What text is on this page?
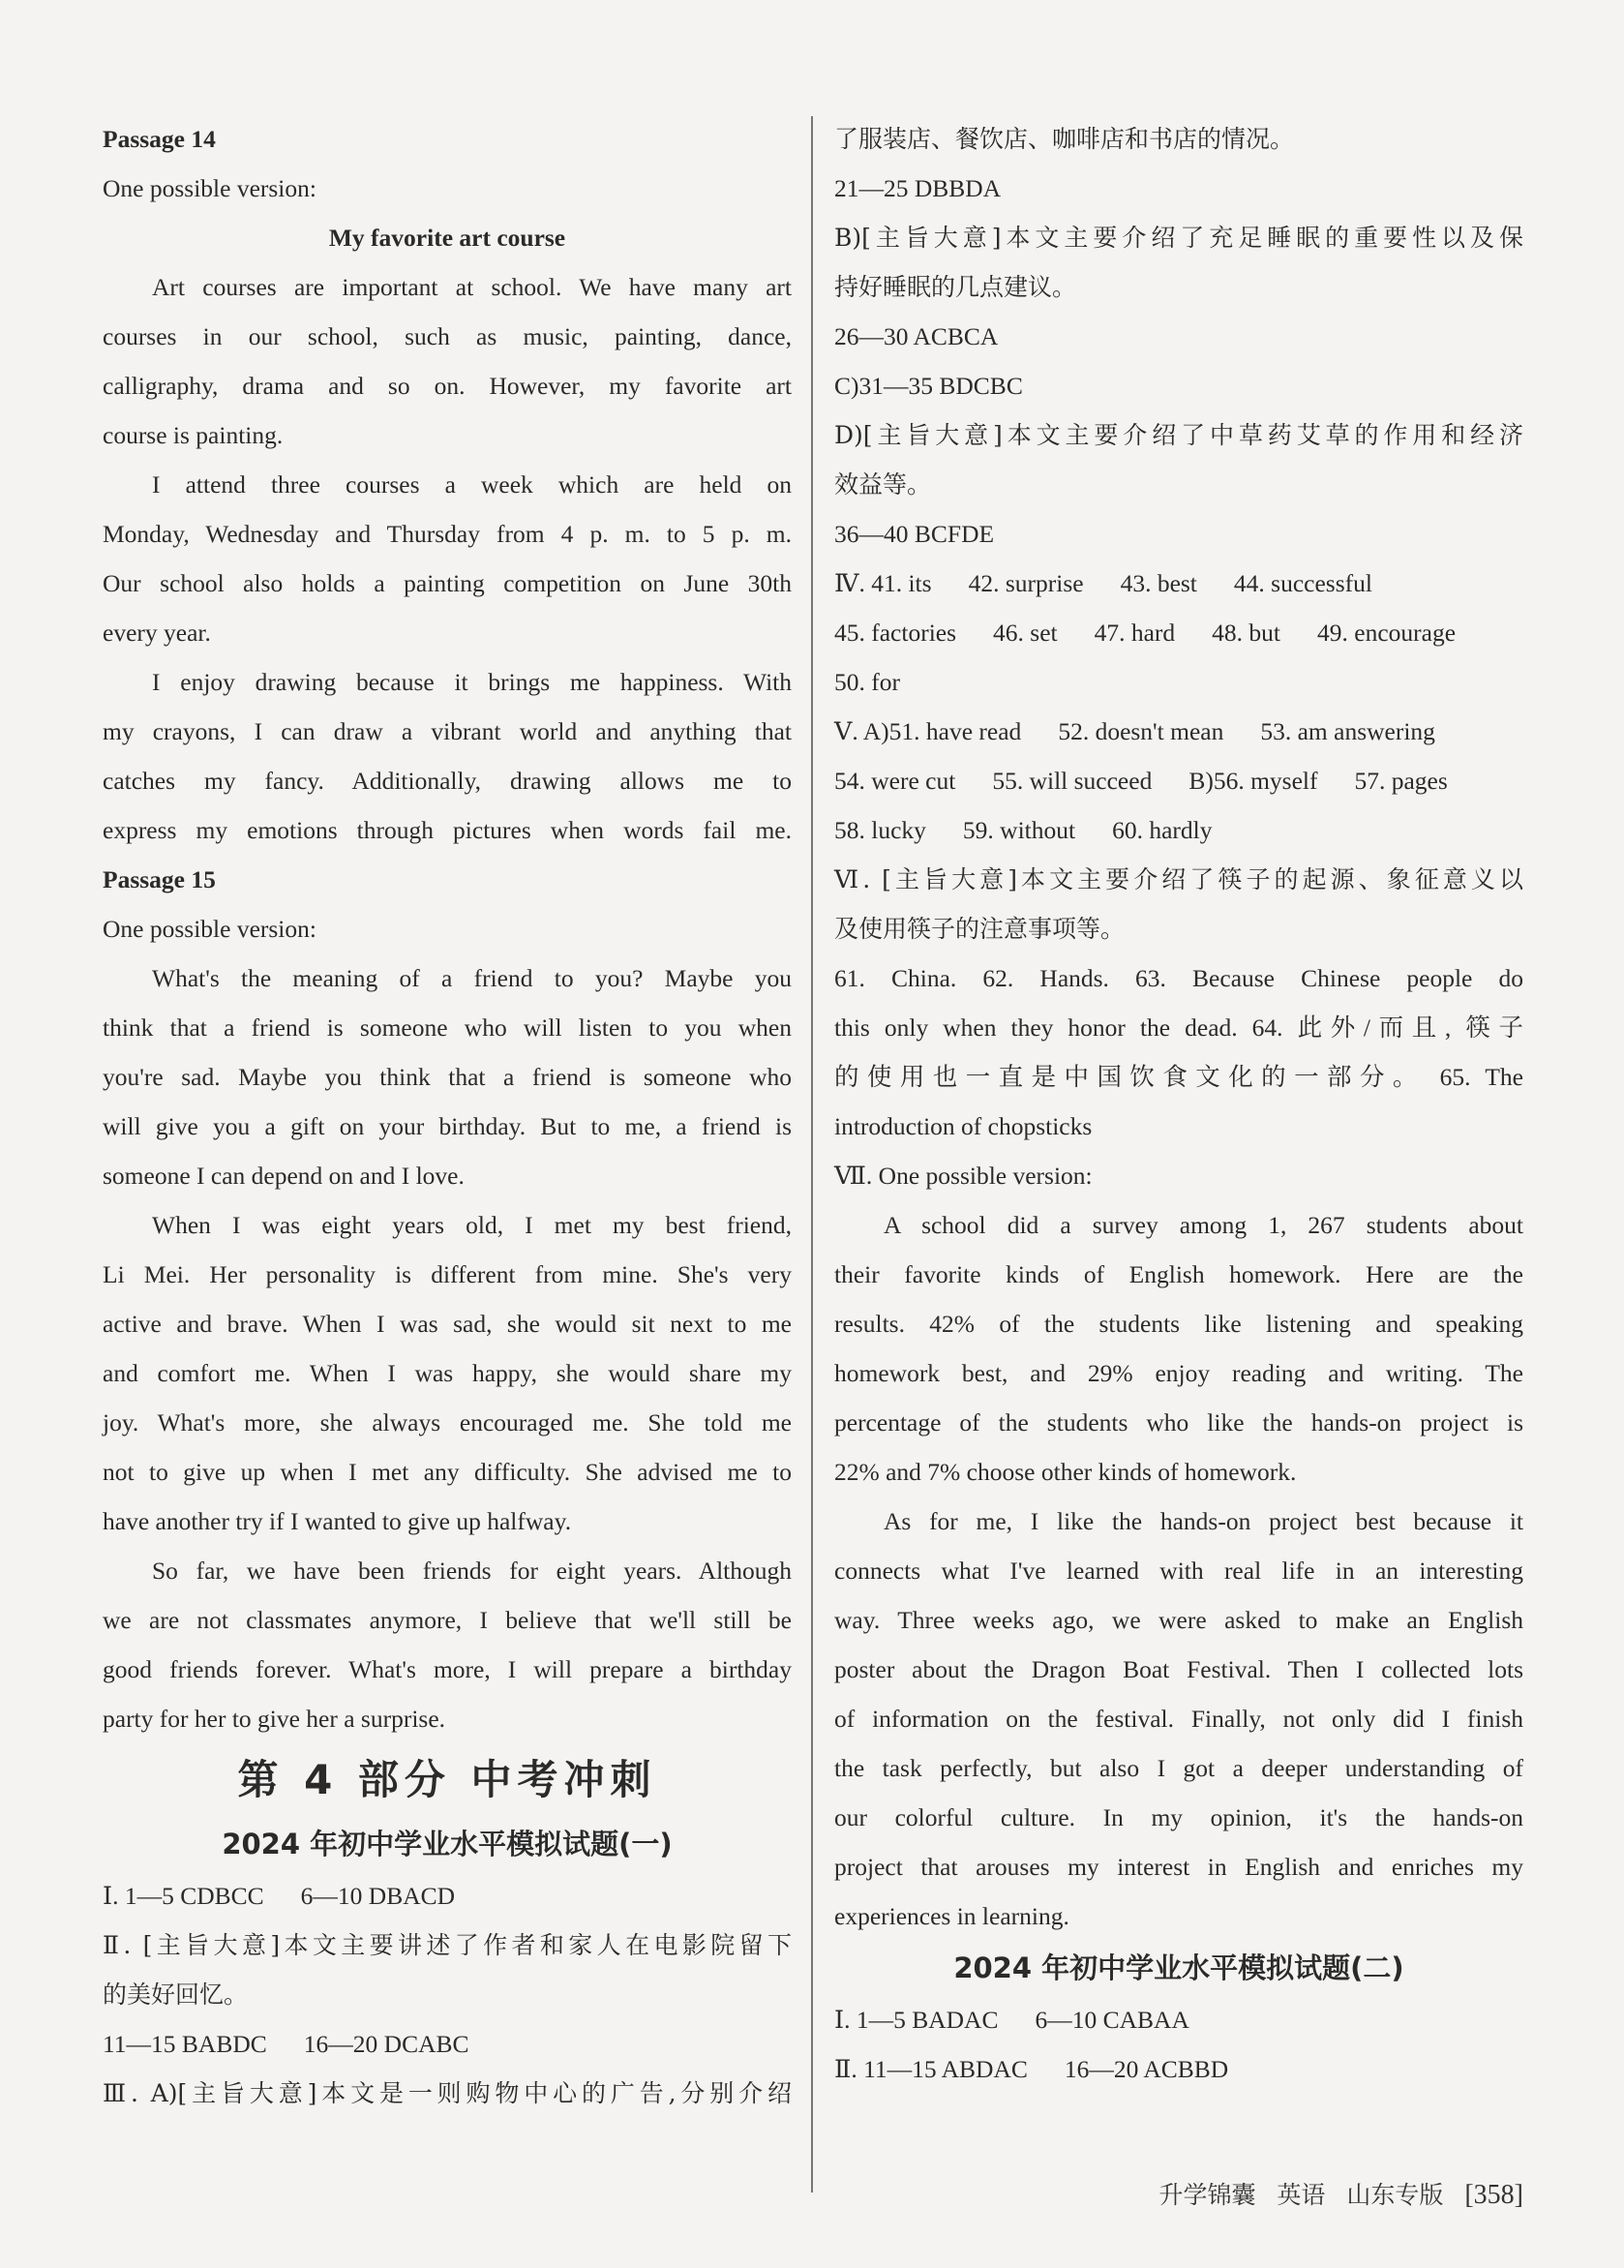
Passage 14

One possible version:

My favorite art course

Art courses are important at school. We have many art

courses in our school, such as music, painting, dance,

calligraphy, drama and so on. However, my favorite art

course is painting.

I attend three courses a week which are held on

Monday, Wednesday and Thursday from 4 p. m. to 5 p. m.

Our school also holds a painting competition on June 30th

every year.

I enjoy drawing because it brings me happiness. With

my crayons, I can draw a vibrant world and anything that

catches my fancy. Additionally, drawing allows me to

express my emotions through pictures when words fail me.

Passage 15

One possible version:

What's the meaning of a friend to you? Maybe you

think that a friend is someone who will listen to you when

you're sad. Maybe you think that a friend is someone who

will give you a gift on your birthday. But to me, a friend is

someone I can depend on and I love.

When I was eight years old, I met my best friend,

Li Mei. Her personality is different from mine. She's very

active and brave. When I was sad, she would sit next to me

and comfort me. When I was happy, she would share my

joy. What's more, she always encouraged me. She told me

not to give up when I met any difficulty. She advised me to

have another try if I wanted to give up halfway.

So far, we have been friends for eight years. Although

we are not classmates anymore, I believe that we'll still be

good friends forever. What's more, I will prepare a birthday

party for her to give her a surprise.

第 4 部分 中考冲刺

2024 年初中学业水平模拟试题(一)

Ⅰ. 1—5 CDBCC 6—10 DBACD

Ⅱ. [主旨大意]本文主要讲述了作者和家人在电影院留下

的美好回忆。

11—15 BABDC 16—20 DCABC

Ⅲ. A)[主旨大意]本文是一则购物中心的广告,分别介绍

了服装店、餐饮店、咖啡店和书店的情况。

21—25 DBBDA

B)[主旨大意]本文主要介绍了充足睡眠的重要性以及保

持好睡眠的几点建议。

26—30 ACBCA

C)31—35 BDCBC

D)[主旨大意]本文主要介绍了中草药艾草的作用和经济

效益等。

36—40 BCFDE

Ⅳ. 41. its 42. surprise 43. best 44. successful

45. factories 46. set 47. hard 48. but 49. encourage

50. for

Ⅴ. A)51. have read 52. doesn't mean 53. am answering

54. were cut 55. will succeed B)56. myself 57. pages

58. lucky 59. without 60. hardly

Ⅵ. [主旨大意]本文主要介绍了筷子的起源、象征意义以

及使用筷子的注意事项等。

61. China. 62. Hands. 63. Because Chinese people do

this only when they honor the dead. 64. 此外/而且, 筷子

的使用也一直是中国饮食文化的一部分。 65. The

introduction of chopsticks

Ⅶ. One possible version:

A school did a survey among 1, 267 students about

their favorite kinds of English homework. Here are the

results. 42% of the students like listening and speaking

homework best, and 29% enjoy reading and writing. The

percentage of the students who like the hands-on project is

22% and 7% choose other kinds of homework.

As for me, I like the hands-on project best because it

connects what I've learned with real life in an interesting

way. Three weeks ago, we were asked to make an English

poster about the Dragon Boat Festival. Then I collected lots

of information on the festival. Finally, not only did I finish

the task perfectly, but also I got a deeper understanding of

our colorful culture. In my opinion, it's the hands-on

project that arouses my interest in English and enriches my

experiences in learning.

2024 年初中学业水平模拟试题(二)

Ⅰ. 1—5 BADAC 6—10 CABAA

Ⅱ. 11—15 ABDAC 16—20 ACBBD

升学锦囊 英语 山东专版 [358]
